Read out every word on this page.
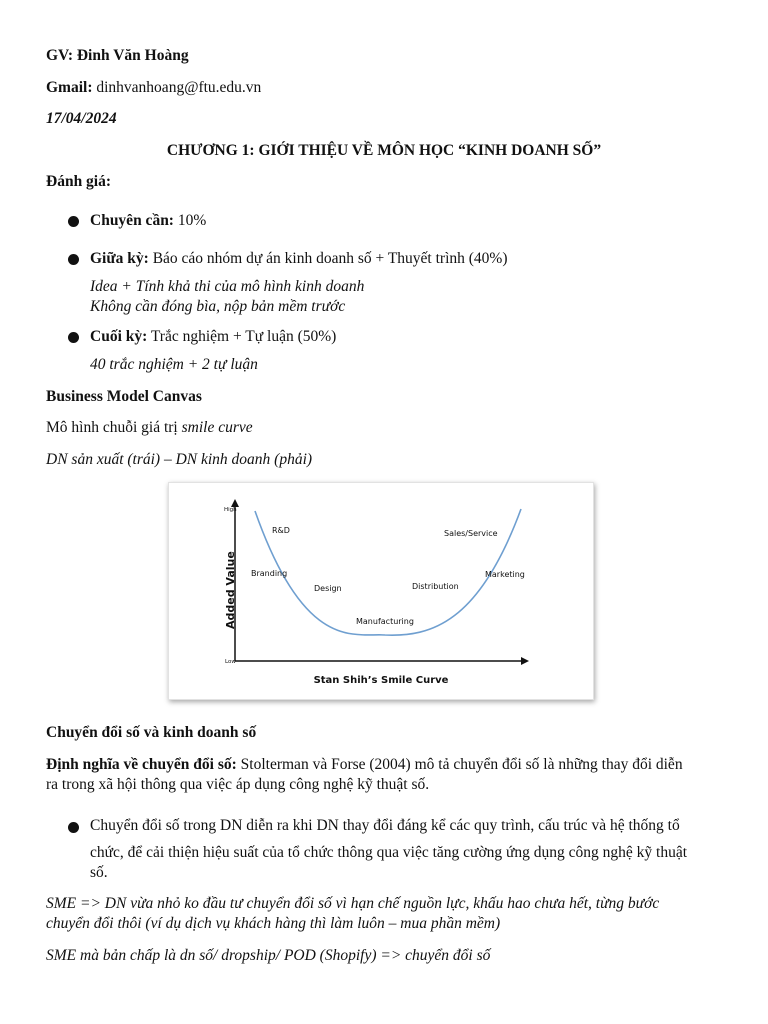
GV: Đinh Văn Hoàng
Gmail: dinhvanhoang@ftu.edu.vn
17/04/2024
CHƯƠNG 1: GIỚI THIỆU VỀ MÔN HỌC “KINH DOANH SỐ”
Đánh giá:
Chuyên cần: 10%
Giữa kỳ: Báo cáo nhóm dự án kinh doanh số + Thuyết trình (40%)
Idea + Tính khả thi của mô hình kinh doanh
Không cần đóng bìa, nộp bản mềm trước
Cuối kỳ: Trắc nghiệm + Tự luận (50%)
40 trắc nghiệm + 2 tự luận
Business Model Canvas
Mô hình chuỗi giá trị smile curve
DN sản xuất (trái) – DN kinh doanh (phải)
Chuyển đổi số và kinh doanh số
Định nghĩa về chuyển đổi số: Stolterman và Forse (2004) mô tả chuyển đổi số là những thay đổi diễn
ra trong xã hội thông qua việc áp dụng công nghệ kỹ thuật số.
Chuyển đổi số trong DN diễn ra khi DN thay đổi đáng kể các quy trình, cấu trúc và hệ thống tổ
chức, để cải thiện hiệu suất của tổ chức thông qua việc tăng cường ứng dụng công nghệ kỹ thuật
số.
SME => DN vừa nhỏ ko đầu tư chuyển đổi số vì hạn chế nguồn lực, khấu hao chưa hết, từng bước
chuyển đổi thôi (ví dụ dịch vụ khách hàng thì làm luôn – mua phần mềm)
SME mà bản chấp là dn số/ dropship/ POD (Shopify) => chuyển đổi số
High
Low
Added Value
R&D
Branding
Design
Manufacturing
Distribution
Marketing
Sales/Service
Stan Shih’s Smile Curve
